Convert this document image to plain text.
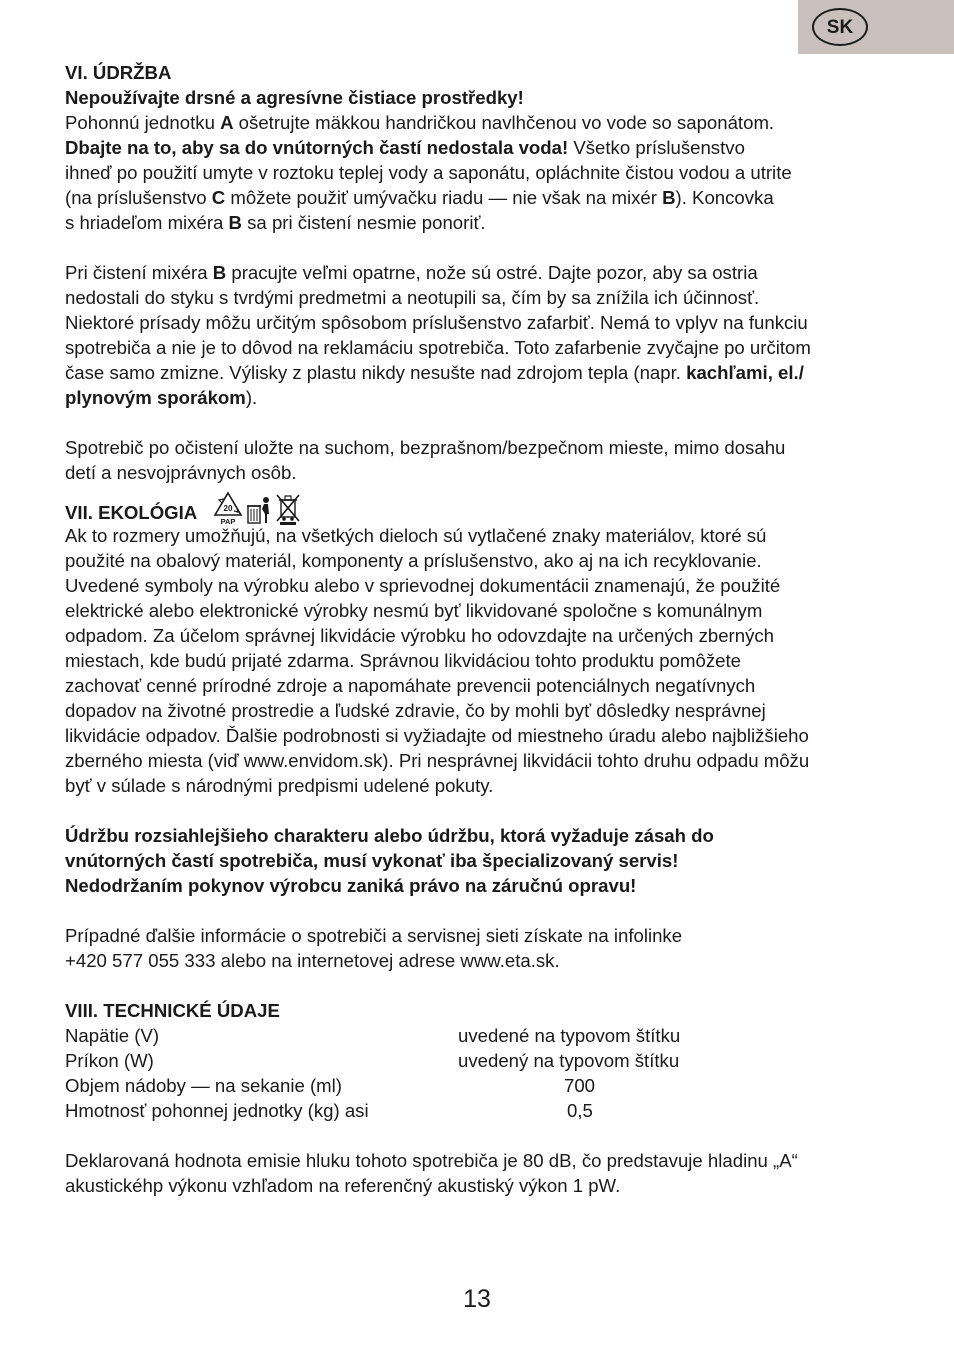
SK

VI. ÚDRŽBA

Nepoužívajte drsné a agresívne čistiace prostředky!

Pohonnú jednotku A ošetrujte mäkkou handričkou navlhčenou vo vode so saponátom.
Dbajte na to, aby sa do vnútorných častí nedostala voda! Všetko príslušenstvo
ihneď po použití umyte v roztoku teplej vody a saponátu, opláchnite čistou vodou a utrite
(na príslušenstvo C môžete použiť umývačku riadu — nie však na mixér B). Koncovka
s hriadeľom mixéra B sa pri čistení nesmie ponoriť.

Pri čistení mixéra B pracujte veľmi opatrne, nože sú ostré. Dajte pozor, aby sa ostria
nedostali do styku s tvrdými predmetmi a neotupili sa, čím by sa znížila ich účinnosť.
Niektoré prísady môžu určitým spôsobom príslušenstvo zafarbiť. Nemá to vplyv na funkciu
spotrebiča a nie je to dôvod na reklamáciu spotrebiča. Toto zafarbenie zvyčajne po určitom
čase samo zmizne. Výlisky z plastu nikdy nesušte nad zdrojom tepla (napr. kachľami, el./
plynovým sporákom).

Spotrebič po očistení uložte na suchom, bezprašnom/bezpečnom mieste, mimo dosahu
detí a nesvojprávnych osôb.

VII. EKOLÓGIA	20
PAP

Ak to rozmery umožňujú, na všetkých dieloch sú vytlačené znaky materiálov, ktoré sú
použité na obalový materiál, komponenty a príslušenstvo, ako aj na ich recyklovanie.
Uvedené symboly na výrobku alebo v sprievodnej dokumentácii znamenajú, že použité
elektrické alebo elektronické výrobky nesmú byť likvidované spoločne s komunálnym
odpadom. Za účelom správnej likvidácie výrobku ho odovzdajte na určených zberných
miestach, kde budú prijaté zdarma. Správnou likvidáciou tohto produktu pomôžete
zachovať cenné prírodné zdroje a napomáhate prevencii potenciálnych negatívnych
dopadov na životné prostredie a ľudské zdravie, čo by mohli byť dôsledky nesprávnej
likvidácie odpadov. Ďalšie podrobnosti si vyžiadajte od miestneho úradu alebo najbližšieho
zberného miesta (viď www.envidom.sk). Pri nesprávnej likvidácii tohto druhu odpadu môžu
byť v súlade s národnými predpismi udelené pokuty.

Údržbu rozsiahlejšieho charakteru alebo údržbu, ktorá vyžaduje zásah do
vnútorných častí spotrebiča, musí vykonať iba špecializovaný servis!
Nedodržaním pokynov výrobcu zaniká právo na záručnú opravu!

Prípadné ďalšie informácie o spotrebiči a servisnej sieti získate na infolinke
+420 577 055 333 alebo na internetovej adrese www.eta.sk.

VIII. TECHNICKÉ ÚDAJE

Napätie (V)	uvedené na typovom štítku
Príkon (W)	uvedený na typovom štítku
Objem nádoby — na sekanie (ml)	700
Hmotnosť pohonnej jednotky (kg) asi	0,5

Deklarovaná hodnota emisie hluku tohoto spotrebiča je 80 dB, čo predstavuje hladinu „A“
akustickéhp výkonu vzhľadom na referenčný akustiský výkon 1 pW.

13
